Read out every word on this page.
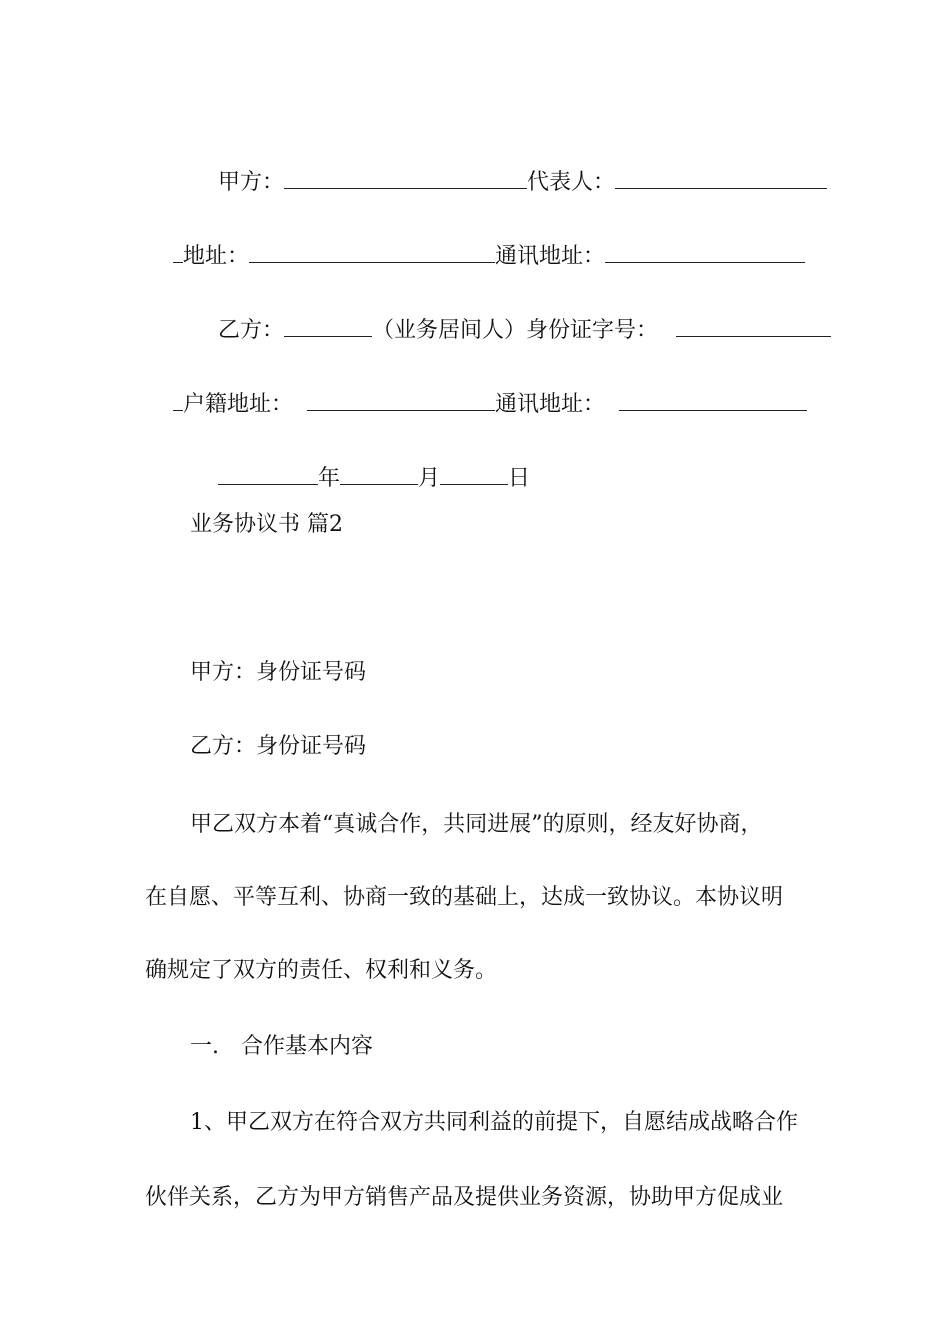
甲方：	代表人：

地址：	通讯地址：

乙方：	（业务居间人）身份证字号：

户籍地址：	通讯地址：

年	月	日

业务协议书 篇2
甲方：身份证号码
乙方：身份证号码
甲乙双方本着“真诚合作，共同进展”的原则，经友好协商，
在自愿、平等互利、协商一致的基础上，达成一致协议。本协议明
确规定了双方的责任、权利和义务。
一.　合作基本内容
1、甲乙双方在符合双方共同利益的前提下，自愿结成战略合作
伙伴关系，乙方为甲方销售产品及提供业务资源，协助甲方促成业
